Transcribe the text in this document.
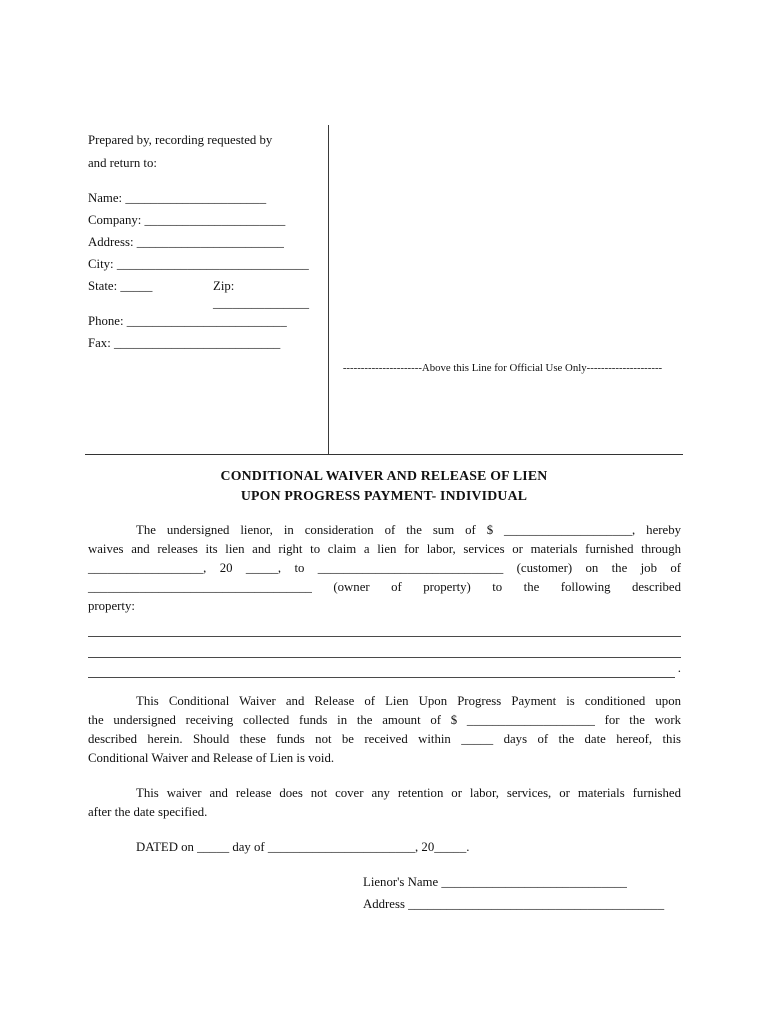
Prepared by, recording requested by
and return to:
Name: ______________________
Company: ______________________
Address: _______________________
City: ______________________________
State: _____	Zip:
_______________
Phone: _________________________
Fax: __________________________
----------------------Above this Line for Official Use Only---------------------
CONDITIONAL WAIVER AND RELEASE OF LIEN
UPON PROGRESS PAYMENT- INDIVIDUAL
The undersigned lienor, in consideration of the sum of $ ____________________, hereby
waives and releases its lien and right to claim a lien for labor, services or materials furnished through
__________________, 20 _____, to _____________________________ (customer) on the job of
___________________________________ (owner of property) to the following described
property:
.
This Conditional Waiver and Release of Lien Upon Progress Payment is conditioned upon
the undersigned receiving collected funds in the amount of $ ____________________ for the work
described herein. Should these funds not be received within _____ days of the date hereof, this
Conditional Waiver and Release of Lien is void.
This waiver and release does not cover any retention or labor, services, or materials furnished
after the date specified.
DATED on _____ day of _______________________, 20_____.
Lienor's Name _____________________________
Address ________________________________________
